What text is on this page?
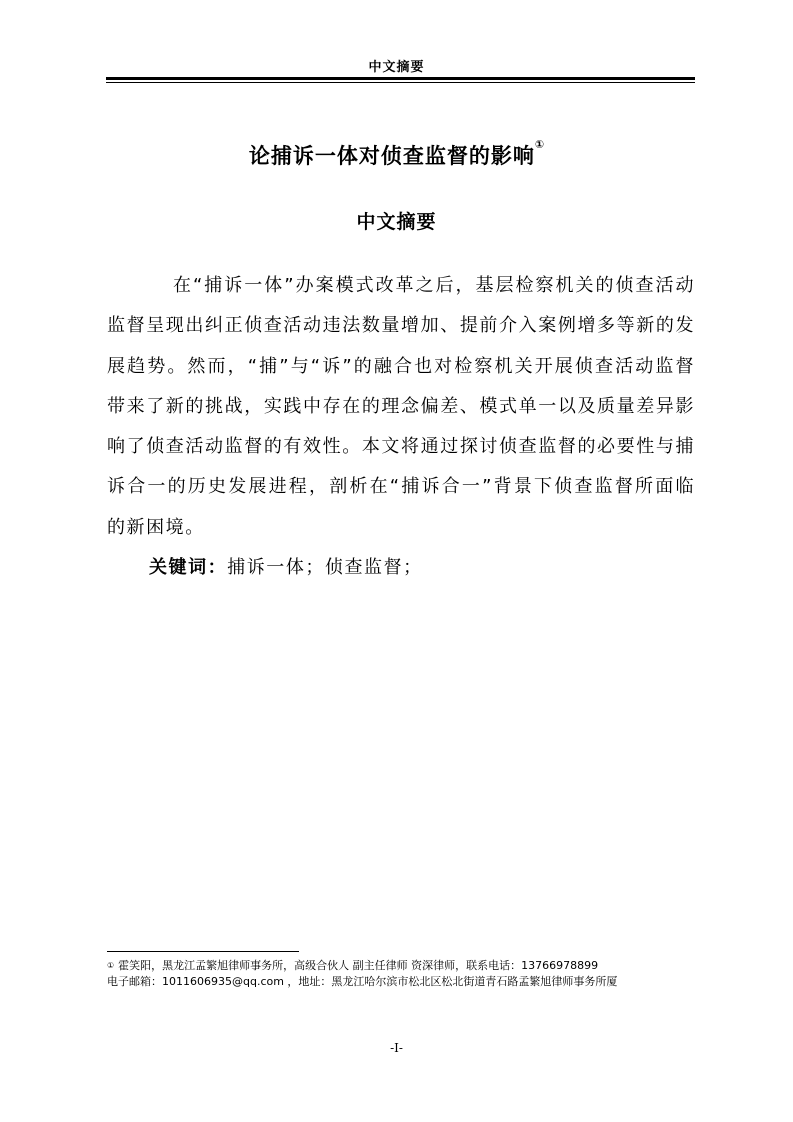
中文摘要
论捕诉一体对侦查监督的影响①
中文摘要

在“捕诉一体”办案模式改革之后，基层检察机关的侦查活动监督呈现出纠正侦查活动违法数量增加、提前介入案例增多等新的发展趋势。然而，“捕”与“诉”的融合也对检察机关开展侦查活动监督带来了新的挑战，实践中存在的理念偏差、模式单一以及质量差异影响了侦查活动监督的有效性。本文将通过探讨侦查监督的必要性与捕诉合一的历史发展进程，剖析在“捕诉合一”背景下侦查监督所面临的新困境。

关键词：捕诉一体；侦查监督；

① 霍笑阳，黑龙江孟繁旭律师事务所，高级合伙人 副主任律师 资深律师，联系电话：13766978899
电子邮箱：1011606935@qq.com ，地址：黑龙江哈尔滨市松北区松北街道青石路孟繁旭律师事务所厦
-I-
